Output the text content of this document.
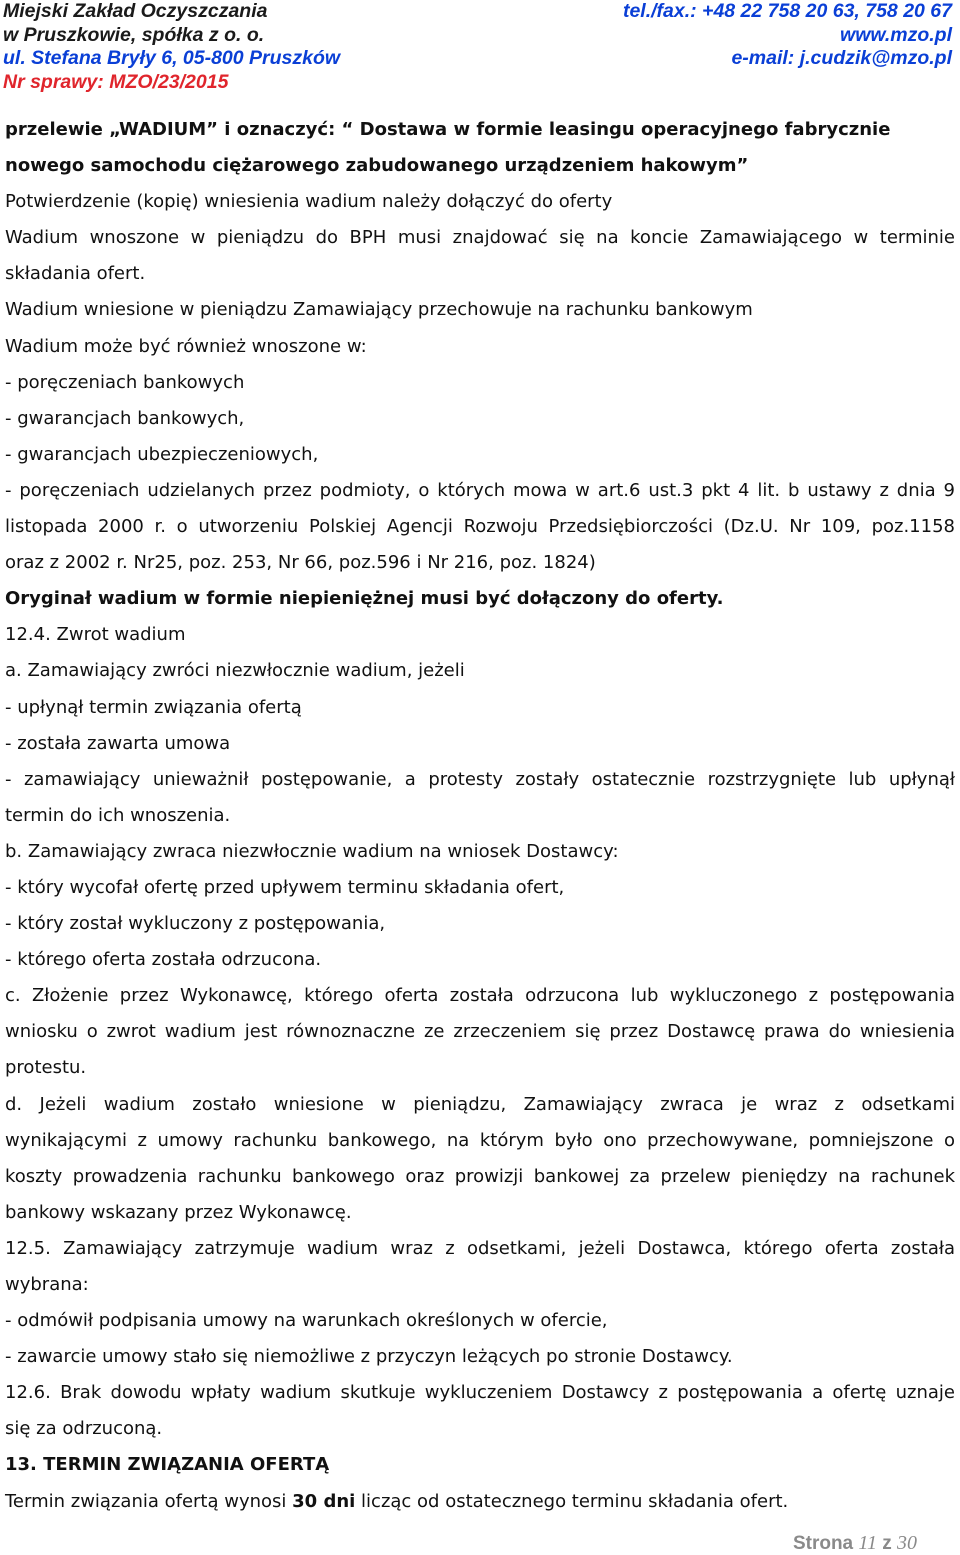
Miejski Zakład Oczyszczania	tel./fax.: +48 22 758 20 63, 758 20 67
w Pruszkowie, spółka z o. o.	www.mzo.pl
ul. Stefana Bryły 6, 05-800 Pruszków	e-mail: j.cudzik@mzo.pl
Nr sprawy: MZO/23/2015
przelewie „WADIUM” i oznaczyć: “ Dostawa w formie leasingu operacyjnego fabrycznie
nowego samochodu ciężarowego zabudowanego urządzeniem hakowym”
Potwierdzenie (kopię) wniesienia wadium należy dołączyć do oferty
Wadium wnoszone w pieniądzu do BPH musi znajdować się na koncie Zamawiającego w terminie
składania ofert.
Wadium wniesione w pieniądzu Zamawiający przechowuje na rachunku bankowym
Wadium może być również wnoszone w:
- poręczeniach bankowych
- gwarancjach bankowych,
- gwarancjach ubezpieczeniowych,
- poręczeniach udzielanych przez podmioty, o których mowa w art.6 ust.3 pkt 4 lit. b ustawy z dnia 9
listopada 2000 r. o utworzeniu Polskiej Agencji Rozwoju Przedsiębiorczości (Dz.U. Nr 109, poz.1158
oraz z 2002 r. Nr25, poz. 253, Nr 66, poz.596 i Nr 216, poz. 1824)
Oryginał wadium w formie niepieniężnej musi być dołączony do oferty.
12.4. Zwrot wadium
a. Zamawiający zwróci niezwłocznie wadium, jeżeli
- upłynął termin związania ofertą
- została zawarta umowa
- zamawiający unieważnił postępowanie, a protesty zostały ostatecznie rozstrzygnięte lub upłynął
termin do ich wnoszenia.
b. Zamawiający zwraca niezwłocznie wadium na wniosek Dostawcy:
- który wycofał ofertę przed upływem terminu składania ofert,
- który został wykluczony z postępowania,
- którego oferta została odrzucona.
c. Złożenie przez Wykonawcę, którego oferta została odrzucona lub wykluczonego z postępowania
wniosku o zwrot wadium jest równoznaczne ze zrzeczeniem się przez Dostawcę prawa do wniesienia
protestu.
d. Jeżeli wadium zostało wniesione w pieniądzu, Zamawiający zwraca je wraz z odsetkami
wynikającymi z umowy rachunku bankowego, na którym było ono przechowywane, pomniejszone o
koszty prowadzenia rachunku bankowego oraz prowizji bankowej za przelew pieniędzy na rachunek
bankowy wskazany przez Wykonawcę.
12.5. Zamawiający zatrzymuje wadium wraz z odsetkami, jeżeli Dostawca, którego oferta została
wybrana:
- odmówił podpisania umowy na warunkach określonych w ofercie,
- zawarcie umowy stało się niemożliwe z przyczyn leżących po stronie Dostawcy.
12.6. Brak dowodu wpłaty wadium skutkuje wykluczeniem Dostawcy z postępowania a ofertę uznaje
się za odrzuconą.
13. TERMIN ZWIĄZANIA OFERTĄ
Termin związania ofertą wynosi 30 dni licząc od ostatecznego terminu składania ofert.
Strona 11 z 30
